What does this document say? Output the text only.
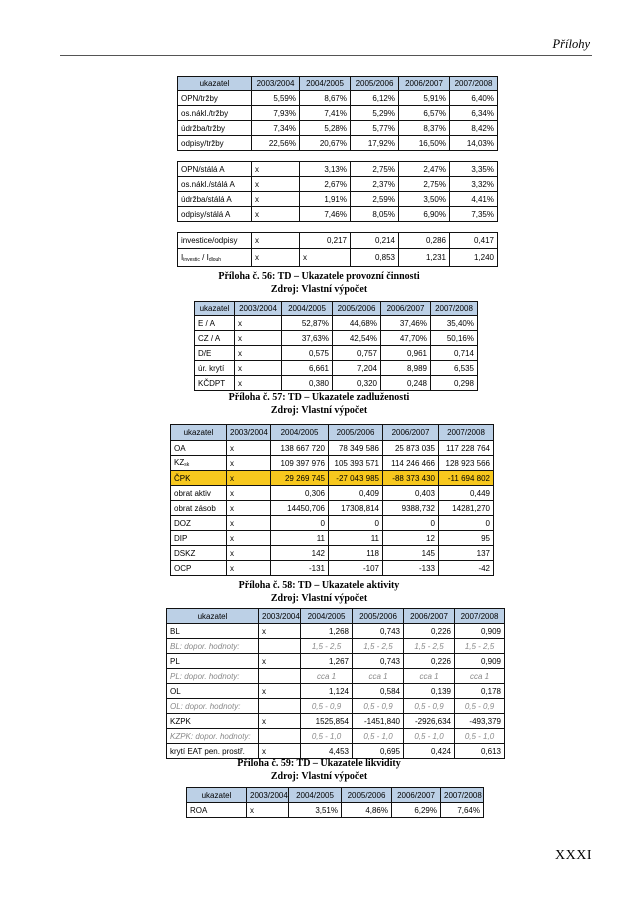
Přílohy
ukazatel	2003/2004	2004/2005	2005/2006	2006/2007	2007/2008
OPN/tržby	5,59%	8,67%	6,12%	5,91%	6,40%
os.nákl./tržby	7,93%	7,41%	5,29%	6,57%	6,34%
údržba/tržby	7,34%	5,28%	5,77%	8,37%	8,42%
odpisy/tržby	22,56%	20,67%	17,92%	16,50%	14,03%

OPN/stálá A	x	3,13%	2,75%	2,47%	3,35%
os.nákl./stálá A	x	2,67%	2,37%	2,75%	3,32%
údržba/stálá A	x	1,91%	2,59%	3,50%	4,41%
odpisy/stálá A	x	7,46%	8,05%	6,90%	7,35%

investice/odpisy	x	0,217	0,214	0,286	0,417
$I_{investic} / I_{dlouh}$	x	x	0,853	1,231	1,240
Příloha č. 56: TD – Ukazatele provozní činnosti
Zdroj: Vlastní výpočet
ukazatel	2003/2004	2004/2005	2005/2006	2006/2007	2007/2008
E / A	x	52,87%	44,68%	37,46%	35,40%
CZ / A	x	37,63%	42,54%	47,70%	50,16%
D/E	x	0,575	0,757	0,961	0,714
úr. krytí	x	6,661	7,204	8,989	6,535
KČDPT	x	0,380	0,320	0,248	0,298
Příloha č. 57: TD – Ukazatele zadluženosti
Zdroj: Vlastní výpočet
ukazatel	2003/2004	2004/2005	2005/2006	2006/2007	2007/2008
OA	x	138 667 720	78 349 586	25 873 035	117 228 764
$KZ_{sk}$	x	109 397 976	105 393 571	114 246 466	128 923 566
ČPK	x	29 269 745	-27 043 985	-88 373 430	-11 694 802
obrat aktiv	x	0,306	0,409	0,403	0,449
obrat zásob	x	14450,706	17308,814	9388,732	14281,270
DOZ	x	0	0	0	0
DIP	x	11	11	12	95
DSKZ	x	142	118	145	137
OCP	x	-131	-107	-133	-42
Příloha č. 58: TD – Ukazatele aktivity
Zdroj: Vlastní výpočet
ukazatel	2003/2004	2004/2005	2005/2006	2006/2007	2007/2008
BL	x	1,268	0,743	0,226	0,909
BL: dopor. hodnoty:		1,5 - 2,5	1,5 - 2,5	1,5 - 2,5	1,5 - 2,5
PL	x	1,267	0,743	0,226	0,909
PL: dopor. hodnoty:		cca 1	cca 1	cca 1	cca 1
OL	x	1,124	0,584	0,139	0,178
OL: dopor. hodnoty:		0,5 - 0,9	0,5 - 0,9	0,5 - 0,9	0,5 - 0,9
KZPK	x	1525,854	-1451,840	-2926,634	-493,379
KZPK: dopor. hodnoty:		0,5 - 1,0	0,5 - 1,0	0,5 - 1,0	0,5 - 1,0
krytí EAT pen. prostř.	x	4,453	0,695	0,424	0,613
Příloha č. 59: TD – Ukazatele likvidity
Zdroj: Vlastní výpočet
ukazatel	2003/2004	2004/2005	2005/2006	2006/2007	2007/2008
ROA	x	3,51%	4,86%	6,29%	7,64%
XXXI
